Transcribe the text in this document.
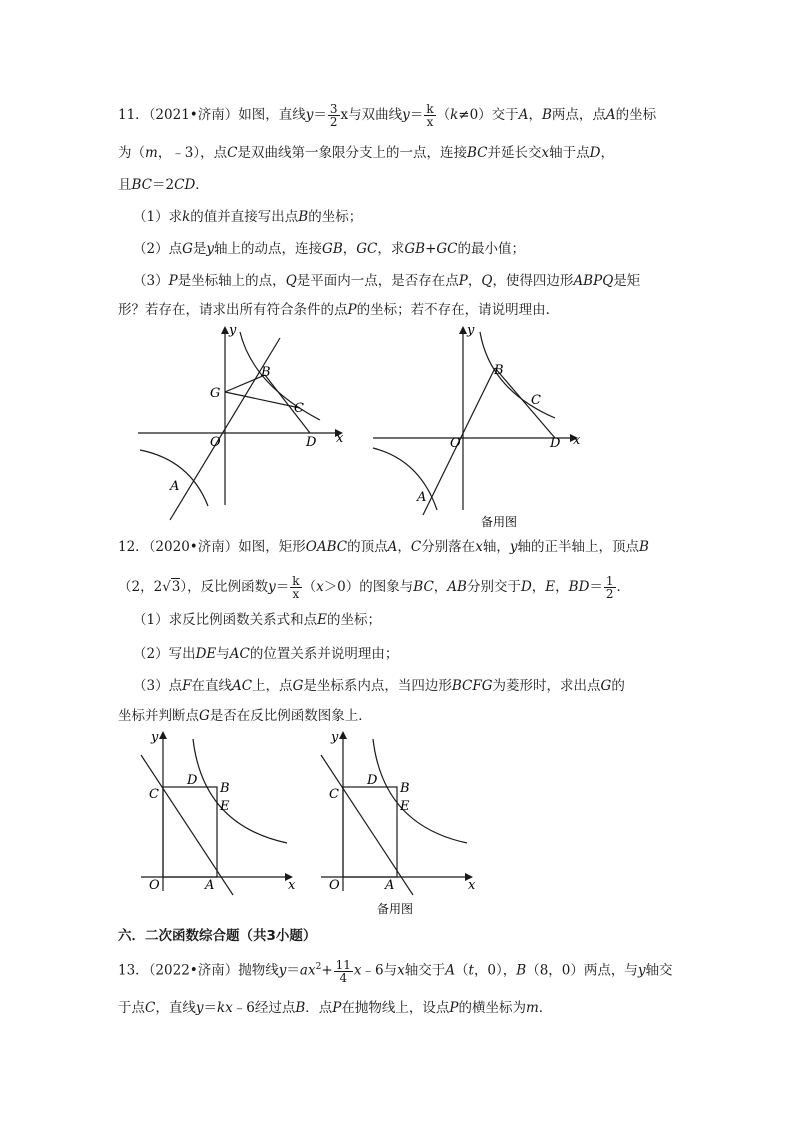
11．（2021•济南）如图，直线$y= \frac{3}{2}$ x与双曲线$y= \frac{k}{x} (k\ne 0)$交于A，B两点，点A的坐标
为（m，﹣3），点C是双曲线第一象限分支上的一点，连接BC并延长交x轴于点D，
且BC＝2CD．
（1）求k的值并直接写出点B的坐标；
（2）点G是y轴上的动点，连接GB，GC，求GB+GC的最小值；
（3）P是坐标轴上的点，Q是平面内一点，是否存在点P，Q，使得四边形ABPQ是矩
形？若存在，请求出所有符合条件的点P的坐标；若不存在，请说明理由．
y
G
B
C
O	D x
A
y
B
C
O	D x
A
备用图
12．（2020•济南）如图，矩形OABC的顶点A，C分别落在x轴，y轴的正半轴上，顶点B
（2，2√3），反比例函数$y= \frac{k}{x} (x>0)$的图象与BC，AB分别交于D，E，$BD= \frac{1}{2}$ ．
（1）求反比例函数关系式和点E的坐标；
（2）写出DE与AC的位置关系并说明理由；
（3）点F在直线AC上，点G是坐标系内点，当四边形BCFG为菱形时，求出点G的
坐标并判断点G是否在反比例函数图象上．
y
D
B
C
E
O	A	x
y
D
B
C
E
O	A	x
备用图
六．二次函数综合题（共3小题）
13．（2022•济南）抛物线$y=ax^2+ \frac{11}{4}$ x﹣6与x轴交于A（t，0），B（8，0）两点，与y轴交
于点C，直线y＝kx﹣6经过点B．点P在抛物线上，设点P的横坐标为m．
